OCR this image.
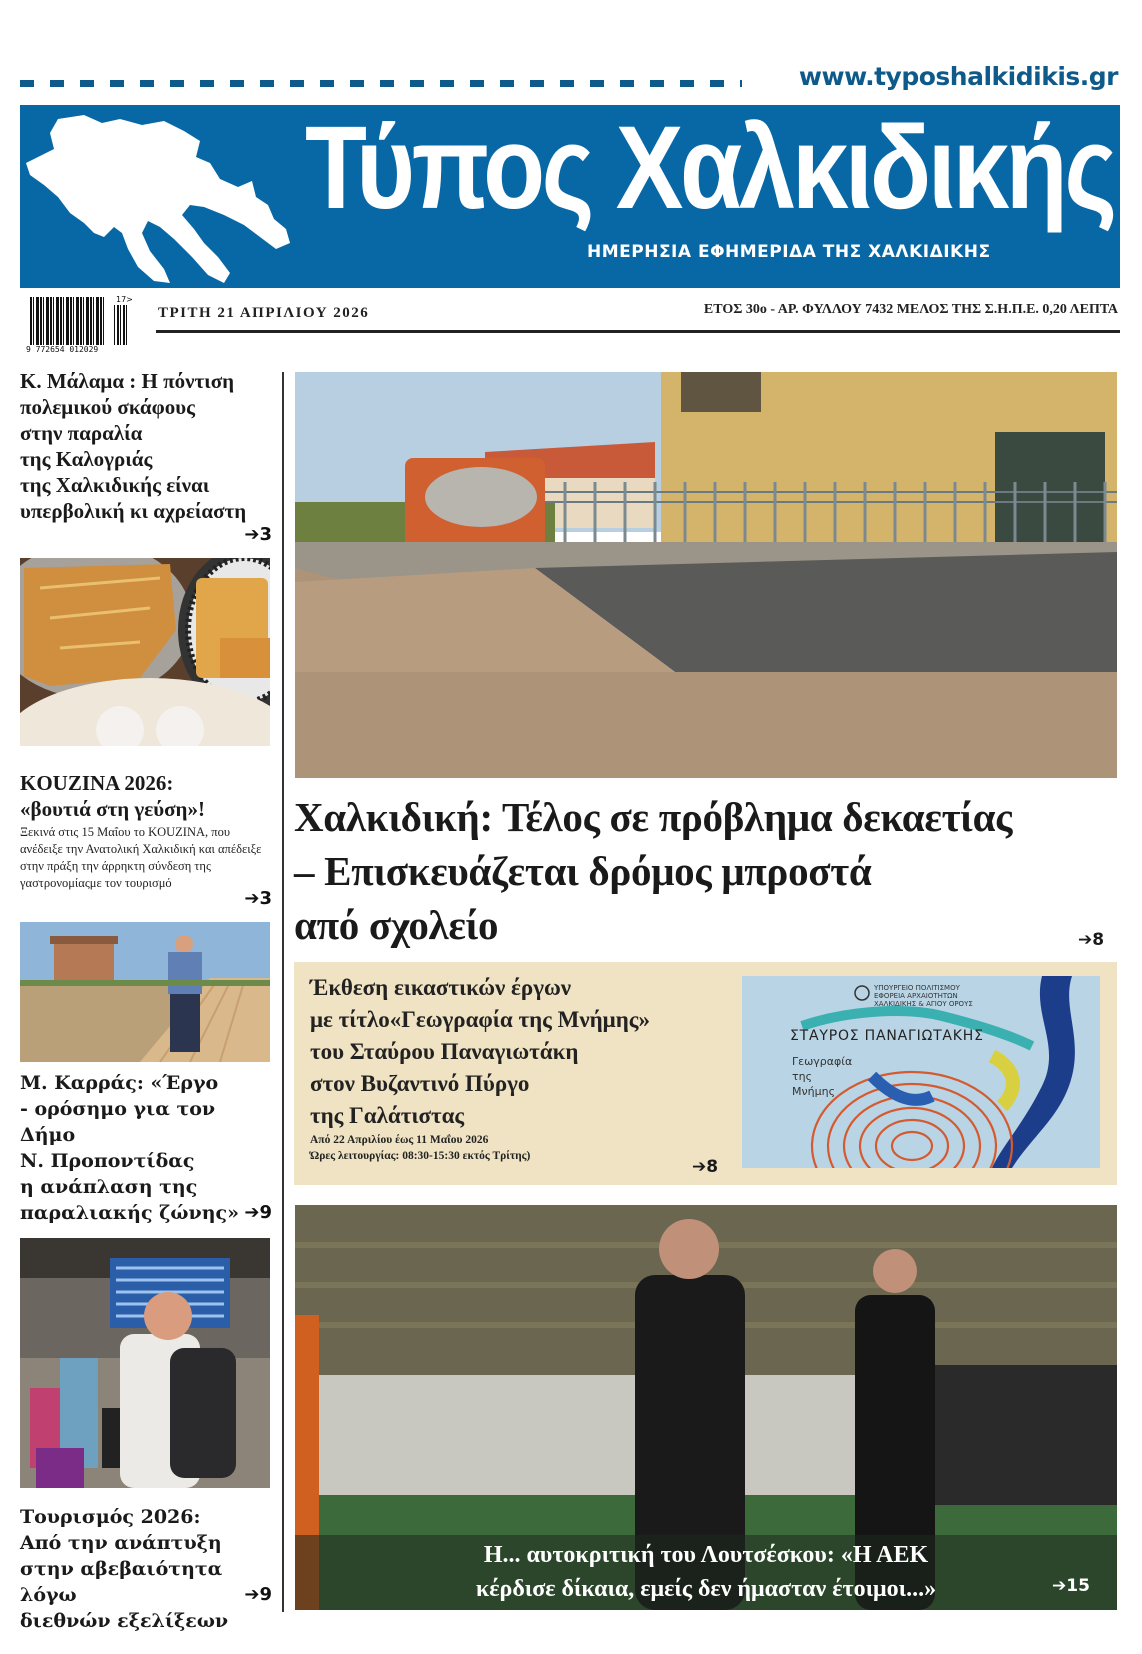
www.typoshalkidikis.gr
Τύπος Χαλκιδικής
ΗΜΕΡΗΣΙΑ ΕΦΗΜΕΡΙΔΑ ΤΗΣ ΧΑΛΚΙΔΙΚΗΣ
17>
9 772654 012029
ΤΡΙΤΗ 21 ΑΠΡΙΛΙΟΥ 2026	ΕΤΟΣ 30ο - ΑΡ. ΦΥΛΛΟΥ 7432 ΜΕΛΟΣ ΤΗΣ Σ.Η.Π.Ε. 0,20 ΛΕΠΤΑ
Κ. Μάλαμα : Η πόντιση
πολεμικού σκάφους
στην παραλία
της Καλογριάς
της Χαλκιδικής είναι
υπερβολική κι αχρείαστη
➔3
KOUZINA 2026:
«βουτιά στη γεύση»!
Ξεκινά στις 15 Μαΐου το KOUZINA, που ανέδειξε την Ανατολική Χαλκιδική και απέδειξε στην πράξη την άρρηκτη σύνδεση της γαστρονομίαςμε τον τουρισμό
➔3
Μ. Καρράς: «Έργο
- ορόσημο για τον Δήμο
Ν. Προποντίδας
η ανάπλαση της
παραλιακής ζώνης» ➔9
Τουρισμός 2026:
Από την ανάπτυξη
στην αβεβαιότητα λόγω
διεθνών εξελίξεων
➔9
Χαλκιδική: Τέλος σε πρόβλημα δεκαετίας
– Επισκευάζεται δρόμος μπροστά
από σχολείο	➔8
Έκθεση εικαστικών έργων
με τίτλο«Γεωγραφία της Μνήμης»
του Σταύρου Παναγιωτάκη
στον Βυζαντινό Πύργο
της Γαλάτιστας
Από 22 Απριλίου έως 11 Μαΐου 2026
Ώρες λειτουργίας: 08:30-15:30 εκτός Τρίτης)
➔8
ΥΠΟΥΡΓΕΙΟ ΠΟΛΙΤΙΣΜΟΥ
ΕΦΟΡΕΙΑ ΑΡΧΑΙΟΤΗΤΩΝ
ΧΑΛΚΙΔΙΚΗΣ & ΑΓΙΟΥ ΟΡΟΥΣ
ΣΤΑΥΡΟΣ ΠΑΝΑΓΙΩΤΑΚΗΣ
Γεωγραφία
της
Μνήμης
Η... αυτοκριτική του Λουτσέσκου: «Η ΑΕΚ
κέρδισε δίκαια, εμείς δεν ήμασταν έτοιμοι...»	➔15
